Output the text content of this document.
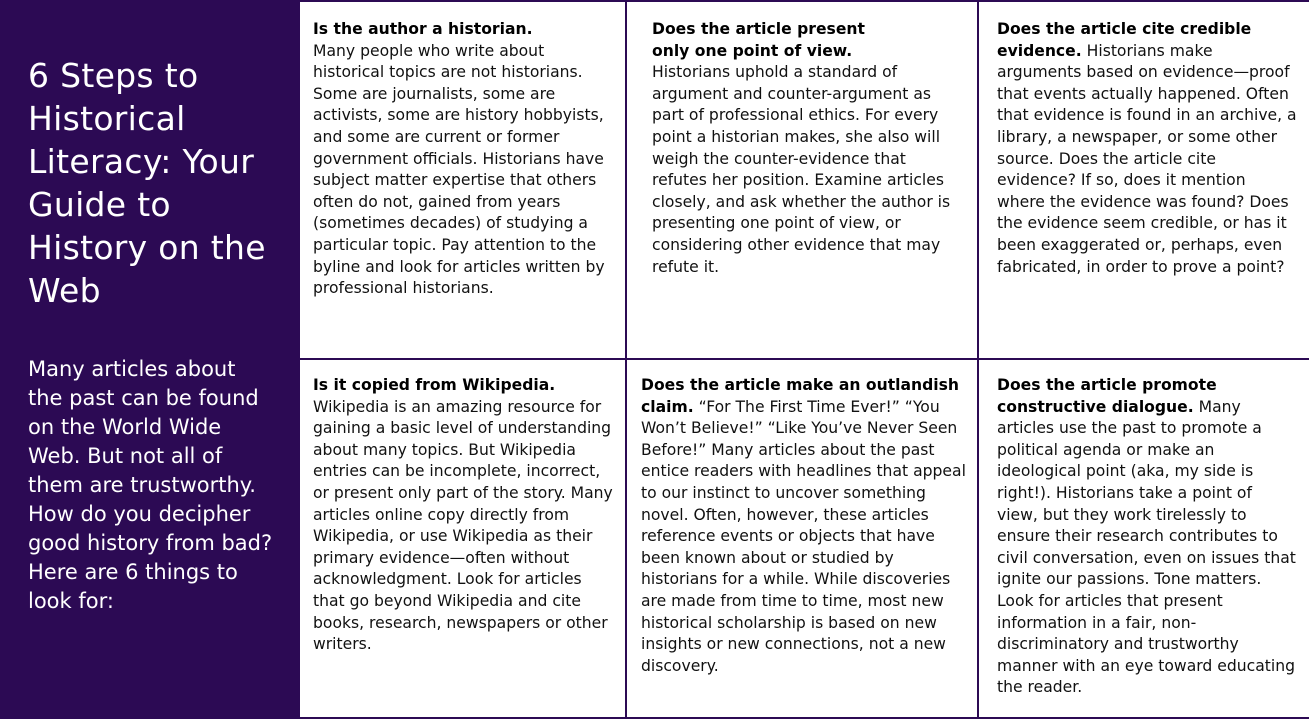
6 Steps to Historical Literacy: Your Guide to History on the Web

Many articles about the past can be found on the World Wide Web. But not all of them are trustworthy. How do you decipher good history from bad? Here are 6 things to look for:

Is the author a historian.
Many people who write about historical topics are not historians. Some are journalists, some are activists, some are history hobbyists, and some are current or former government officials. Historians have subject matter expertise that others often do not, gained from years (sometimes decades) of studying a particular topic. Pay attention to the byline and look for articles written by professional historians.

Does the article present only one point of view.
Historians uphold a standard of argument and counter-argument as part of professional ethics. For every point a historian makes, she also will weigh the counter-evidence that refutes her position. Examine articles closely, and ask whether the author is presenting one point of view, or considering other evidence that may refute it.

Does the article cite credible evidence. Historians make arguments based on evidence—proof that events actually happened. Often that evidence is found in an archive, a library, a newspaper, or some other source. Does the article cite evidence? If so, does it mention where the evidence was found? Does the evidence seem credible, or has it been exaggerated or, perhaps, even fabricated, in order to prove a point?

Is it copied from Wikipedia.
Wikipedia is an amazing resource for gaining a basic level of understanding about many topics. But Wikipedia entries can be incomplete, incorrect, or present only part of the story. Many articles online copy directly from Wikipedia, or use Wikipedia as their primary evidence—often without acknowledgment. Look for articles that go beyond Wikipedia and cite books, research, newspapers or other writers.

Does the article make an outlandish claim. “For The First Time Ever!” “You Won’t Believe!” “Like You’ve Never Seen Before!” Many articles about the past entice readers with headlines that appeal to our instinct to uncover something novel. Often, however, these articles reference events or objects that have been known about or studied by historians for a while. While discoveries are made from time to time, most new historical scholarship is based on new insights or new connections, not a new discovery.

Does the article promote constructive dialogue. Many articles use the past to promote a political agenda or make an ideological point (aka, my side is right!). Historians take a point of view, but they work tirelessly to ensure their research contributes to civil conversation, even on issues that ignite our passions. Tone matters. Look for articles that present information in a fair, non-discriminatory and trustworthy manner with an eye toward educating the reader.
